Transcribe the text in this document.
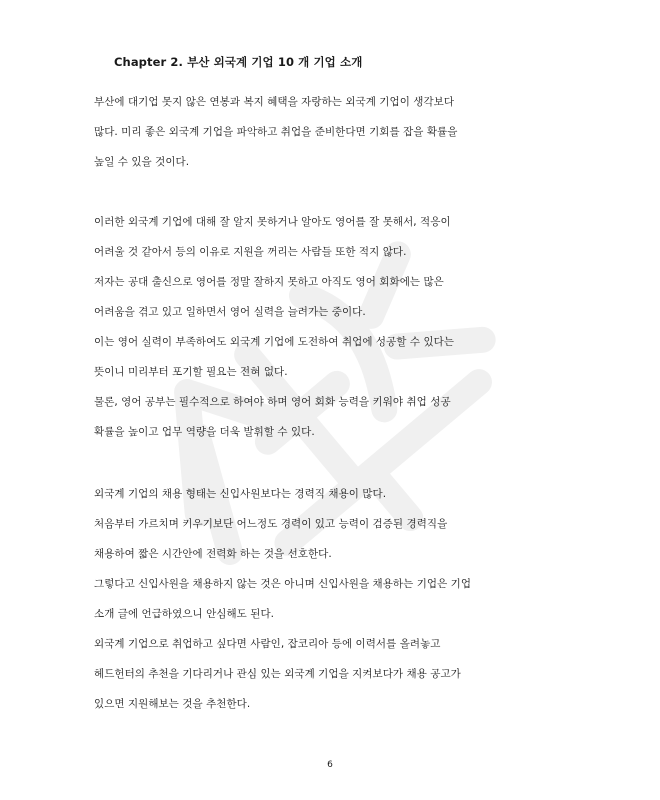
Chapter 2. 부산 외국계 기업 10 개 기업 소개
부산에 대기업 못지 않은 연봉과 복지 혜택을 자랑하는 외국계 기업이 생각보다
많다. 미리 좋은 외국계 기업을 파악하고 취업을 준비한다면 기회를 잡을 확률을
높일 수 있을 것이다.
이러한 외국계 기업에 대해 잘 알지 못하거나 알아도 영어를 잘 못해서, 적응이
어려울 것 같아서 등의 이유로 지원을 꺼리는 사람들 또한 적지 않다.
저자는 공대 출신으로 영어를 정말 잘하지 못하고 아직도 영어 회화에는 많은
어려움을 겪고 있고 일하면서 영어 실력을 늘려가는 중이다.
이는 영어 실력이 부족하여도 외국계 기업에 도전하여 취업에 성공할 수 있다는
뜻이니 미리부터 포기할 필요는 전혀 없다.
물론, 영어 공부는 필수적으로 하여야 하며 영어 회화 능력을 키워야 취업 성공
확률을 높이고 업무 역량을 더욱 발휘할 수 있다.
외국계 기업의 채용 형태는 신입사원보다는 경력직 채용이 많다.
처음부터 가르치며 키우기보단 어느정도 경력이 있고 능력이 검증된 경력직을
채용하여 짧은 시간안에 전력화 하는 것을 선호한다.
그렇다고 신입사원을 채용하지 않는 것은 아니며 신입사원을 채용하는 기업은 기업
소개 글에 언급하였으니 안심해도 된다.
외국계 기업으로 취업하고 싶다면 사람인, 잡코리아 등에 이력서를 올려놓고
헤드헌터의 추천을 기다리거나 관심 있는 외국계 기업을 지켜보다가 채용 공고가
있으면 지원해보는 것을 추천한다.
6
